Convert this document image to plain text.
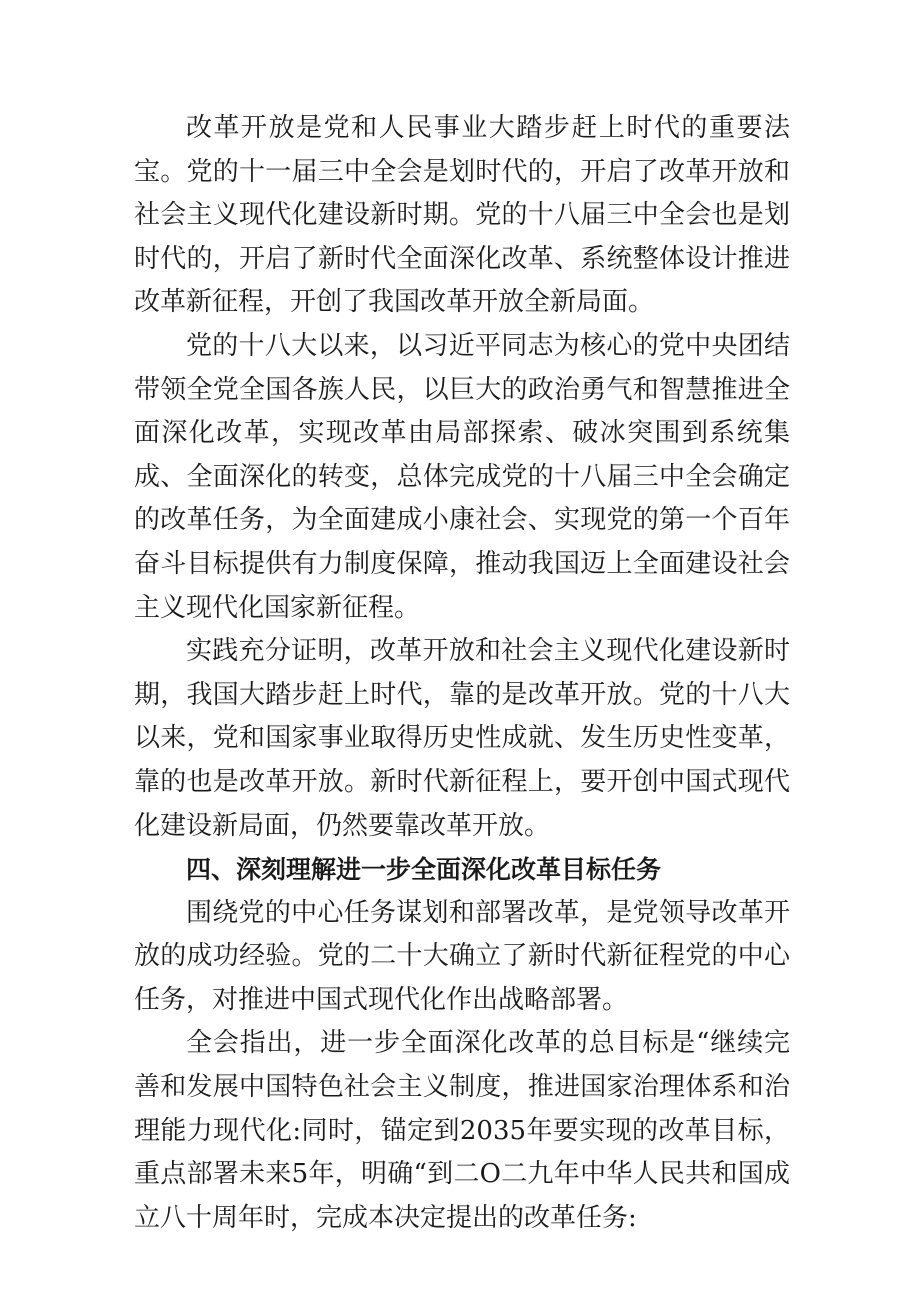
改革开放是党和人民事业大踏步赶上时代的重要法宝。党的十一届三中全会是划时代的，开启了改革开放和社会主义现代化建设新时期。党的十八届三中全会也是划时代的，开启了新时代全面深化改革、系统整体设计推进改革新征程，开创了我国改革开放全新局面。

党的十八大以来，以习近平同志为核心的党中央团结带领全党全国各族人民，以巨大的政治勇气和智慧推进全面深化改革，实现改革由局部探索、破冰突围到系统集成、全面深化的转变，总体完成党的十八届三中全会确定的改革任务，为全面建成小康社会、实现党的第一个百年奋斗目标提供有力制度保障，推动我国迈上全面建设社会主义现代化国家新征程。

实践充分证明，改革开放和社会主义现代化建设新时期，我国大踏步赶上时代，靠的是改革开放。党的十八大以来，党和国家事业取得历史性成就、发生历史性变革，靠的也是改革开放。新时代新征程上，要开创中国式现代化建设新局面，仍然要靠改革开放。

四、深刻理解进一步全面深化改革目标任务

围绕党的中心任务谋划和部署改革，是党领导改革开放的成功经验。党的二十大确立了新时代新征程党的中心任务，对推进中国式现代化作出战略部署。

全会指出，进一步全面深化改革的总目标是“继续完善和发展中国特色社会主义制度，推进国家治理体系和治理能力现代化:同时，锚定到2035年要实现的改革目标，重点部署未来5年，明确“到二O二九年中华人民共和国成立八十周年时，完成本决定提出的改革任务:
